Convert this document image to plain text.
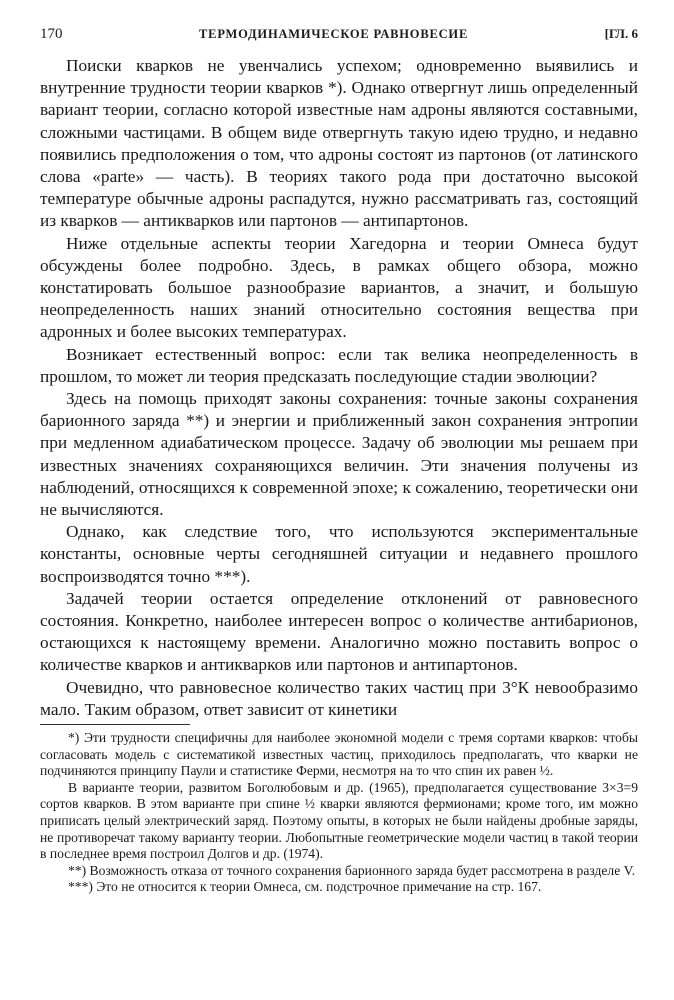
170	ТЕРМОДИНАМИЧЕСКОЕ РАВНОВЕСИЕ	[ГЛ. 6

Поиски кварков не увенчались успехом; одновременно выявились и внутренние трудности теории кварков *). Однако отвергнут лишь определенный вариант теории, согласно которой известные нам адроны являются составными, сложными частицами. В общем виде отвергнуть такую идею трудно, и недавно появились предположения о том, что адроны состоят из партонов (от латинского слова «parte» — часть). В теориях такого рода при достаточно высокой температуре обычные адроны распадутся, нужно рассматривать газ, состоящий из кварков — антикварков или партонов — антипартонов.

Ниже отдельные аспекты теории Хагедорна и теории Омнеса будут обсуждены более подробно. Здесь, в рамках общего обзора, можно констатировать большое разнообразие вариантов, а значит, и большую неопределенность наших знаний относительно состояния вещества при адронных и более высоких температурах.

Возникает естественный вопрос: если так велика неопределенность в прошлом, то может ли теория предсказать последующие стадии эволюции?

Здесь на помощь приходят законы сохранения: точные законы сохранения барионного заряда **) и энергии и приближенный закон сохранения энтропии при медленном адиабатическом процессе. Задачу об эволюции мы решаем при известных значениях сохраняющихся величин. Эти значения получены из наблюдений, относящихся к современной эпохе; к сожалению, теоретически они не вычисляются.

Однако, как следствие того, что используются экспериментальные константы, основные черты сегодняшней ситуации и недавнего прошлого воспроизводятся точно ***).

Задачей теории остается определение отклонений от равновесного состояния. Конкретно, наиболее интересен вопрос о количестве антибарионов, остающихся к настоящему времени. Аналогично можно поставить вопрос о количестве кварков и антикварков или партонов и антипартонов.

Очевидно, что равновесное количество таких частиц при 3°К невообразимо мало. Таким образом, ответ зависит от кинетики

*) Эти трудности специфичны для наиболее экономной модели с тремя сортами кварков: чтобы согласовать модель с систематикой известных частиц, приходилось предполагать, что кварки не подчиняются принципу Паули и статистике Ферми, несмотря на то что спин их равен ½.

В варианте теории, развитом Боголюбовым и др. (1965), предполагается существование 3×3=9 сортов кварков. В этом варианте при спине ½ кварки являются фермионами; кроме того, им можно приписать целый электрический заряд. Поэтому опыты, в которых не были найдены дробные заряды, не противоречат такому варианту теории. Любопытные геометрические модели частиц в такой теории в последнее время построил Долгов и др. (1974).

**) Возможность отказа от точного сохранения барионного заряда будет рассмотрена в разделе V.

***) Это не относится к теории Омнеса, см. подстрочное примечание на стр. 167.
